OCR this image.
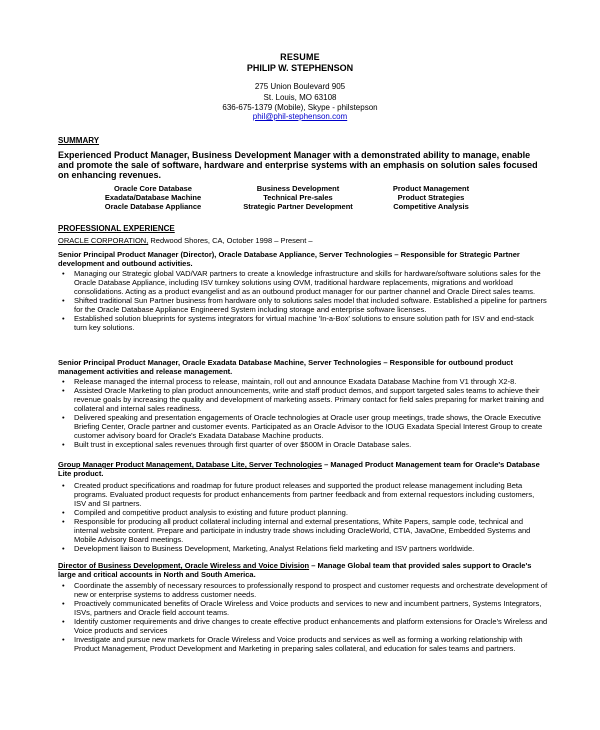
RESUME
PHILIP W. STEPHENSON
275 Union Boulevard 905
St. Louis, MO 63108
636-675-1379 (Mobile), Skype - philstepson
phil@phil-stephenson.com
SUMMARY
Experienced Product Manager, Business Development Manager with a demonstrated ability to manage, enable and promote the sale of software, hardware and enterprise systems with an emphasis on solution sales focused on enhancing revenues.
Oracle Core Database
Exadata/Database Machine
Oracle Database Appliance
Business Development
Technical Pre-sales
Strategic Partner Development
Product Management
Product Strategies
Competitive Analysis
PROFESSIONAL EXPERIENCE
ORACLE CORPORATION, Redwood Shores, CA, October 1998 – Present –
Senior Principal Product Manager (Director), Oracle Database Appliance, Server Technologies – Responsible for Strategic Partner development and outbound activities.
• Managing our Strategic global VAD/VAR partners to create a knowledge infrastructure and skills for hardware/software solutions sales for the Oracle Database Appliance, including ISV turnkey solutions using OVM, traditional hardware replacements, migrations and workload consolidations. Acting as a product evangelist and as an outbound product manager for our partner channel and Oracle Direct sales teams.
• Shifted traditional Sun Partner business from hardware only to solutions sales model that included software. Established a pipeline for partners for the Oracle Database Appliance Engineered System including storage and enterprise software licenses.
• Established solution blueprints for systems integrators for virtual machine 'In-a-Box' solutions to ensure solution path for ISV and end-stack turn key solutions.
Senior Principal Product Manager, Oracle Exadata Database Machine, Server Technologies – Responsible for outbound product management activities and release management.
• Release managed the internal process to release, maintain, roll out and announce Exadata Database Machine from V1 through X2-8.
• Assisted Oracle Marketing to plan product announcements, write and staff product demos, and support targeted sales teams to achieve their revenue goals by increasing the quality and development of marketing assets. Primary contact for field sales preparing for market training and collateral and internal sales readiness.
• Delivered speaking and presentation engagements of Oracle technologies at Oracle user group meetings, trade shows, the Oracle Executive Briefing Center, Oracle partner and customer events. Participated as an Oracle Advisor to the IOUG Exadata Special Interest Group to create customer advisory board for Oracle's Exadata Database Machine products.
• Built trust in exceptional sales revenues through first quarter of over $500M in Oracle Database sales.
Group Manager Product Management, Database Lite, Server Technologies – Managed Product Management team for Oracle's Database Lite product.
• Created product specifications and roadmap for future product releases and supported the product release management including Beta programs. Evaluated product requests for product enhancements from partner feedback and from external requestors including customers, ISV and SI partners.
• Compiled and competitive product analysis to existing and future product planning.
• Responsible for producing all product collateral including internal and external presentations, White Papers, sample code, technical and internal website content. Prepare and participate in industry trade shows including OracleWorld, CTIA, JavaOne, Embedded Systems and Mobile Advisory Board meetings.
• Development liaison to Business Development, Marketing, Analyst Relations field marketing and ISV partners worldwide.
Director of Business Development, Oracle Wireless and Voice Division – Manage Global team that provided sales support to Oracle's large and critical accounts in North and South America.
• Coordinate the assembly of necessary resources to professionally respond to prospect and customer requests and orchestrate development of new or enterprise systems to address customer needs.
• Proactively communicated benefits of Oracle Wireless and Voice products and services to new and incumbent partners, Systems Integrators, ISVs, partners and Oracle field account teams.
• Identify customer requirements and drive changes to create effective product enhancements and platform extensions for Oracle's Wireless and Voice products and services
• Investigate and pursue new markets for Oracle Wireless and Voice products and services as well as forming a working relationship with Product Management, Product Development and Marketing in preparing sales collateral, and education for sales teams and partners.
